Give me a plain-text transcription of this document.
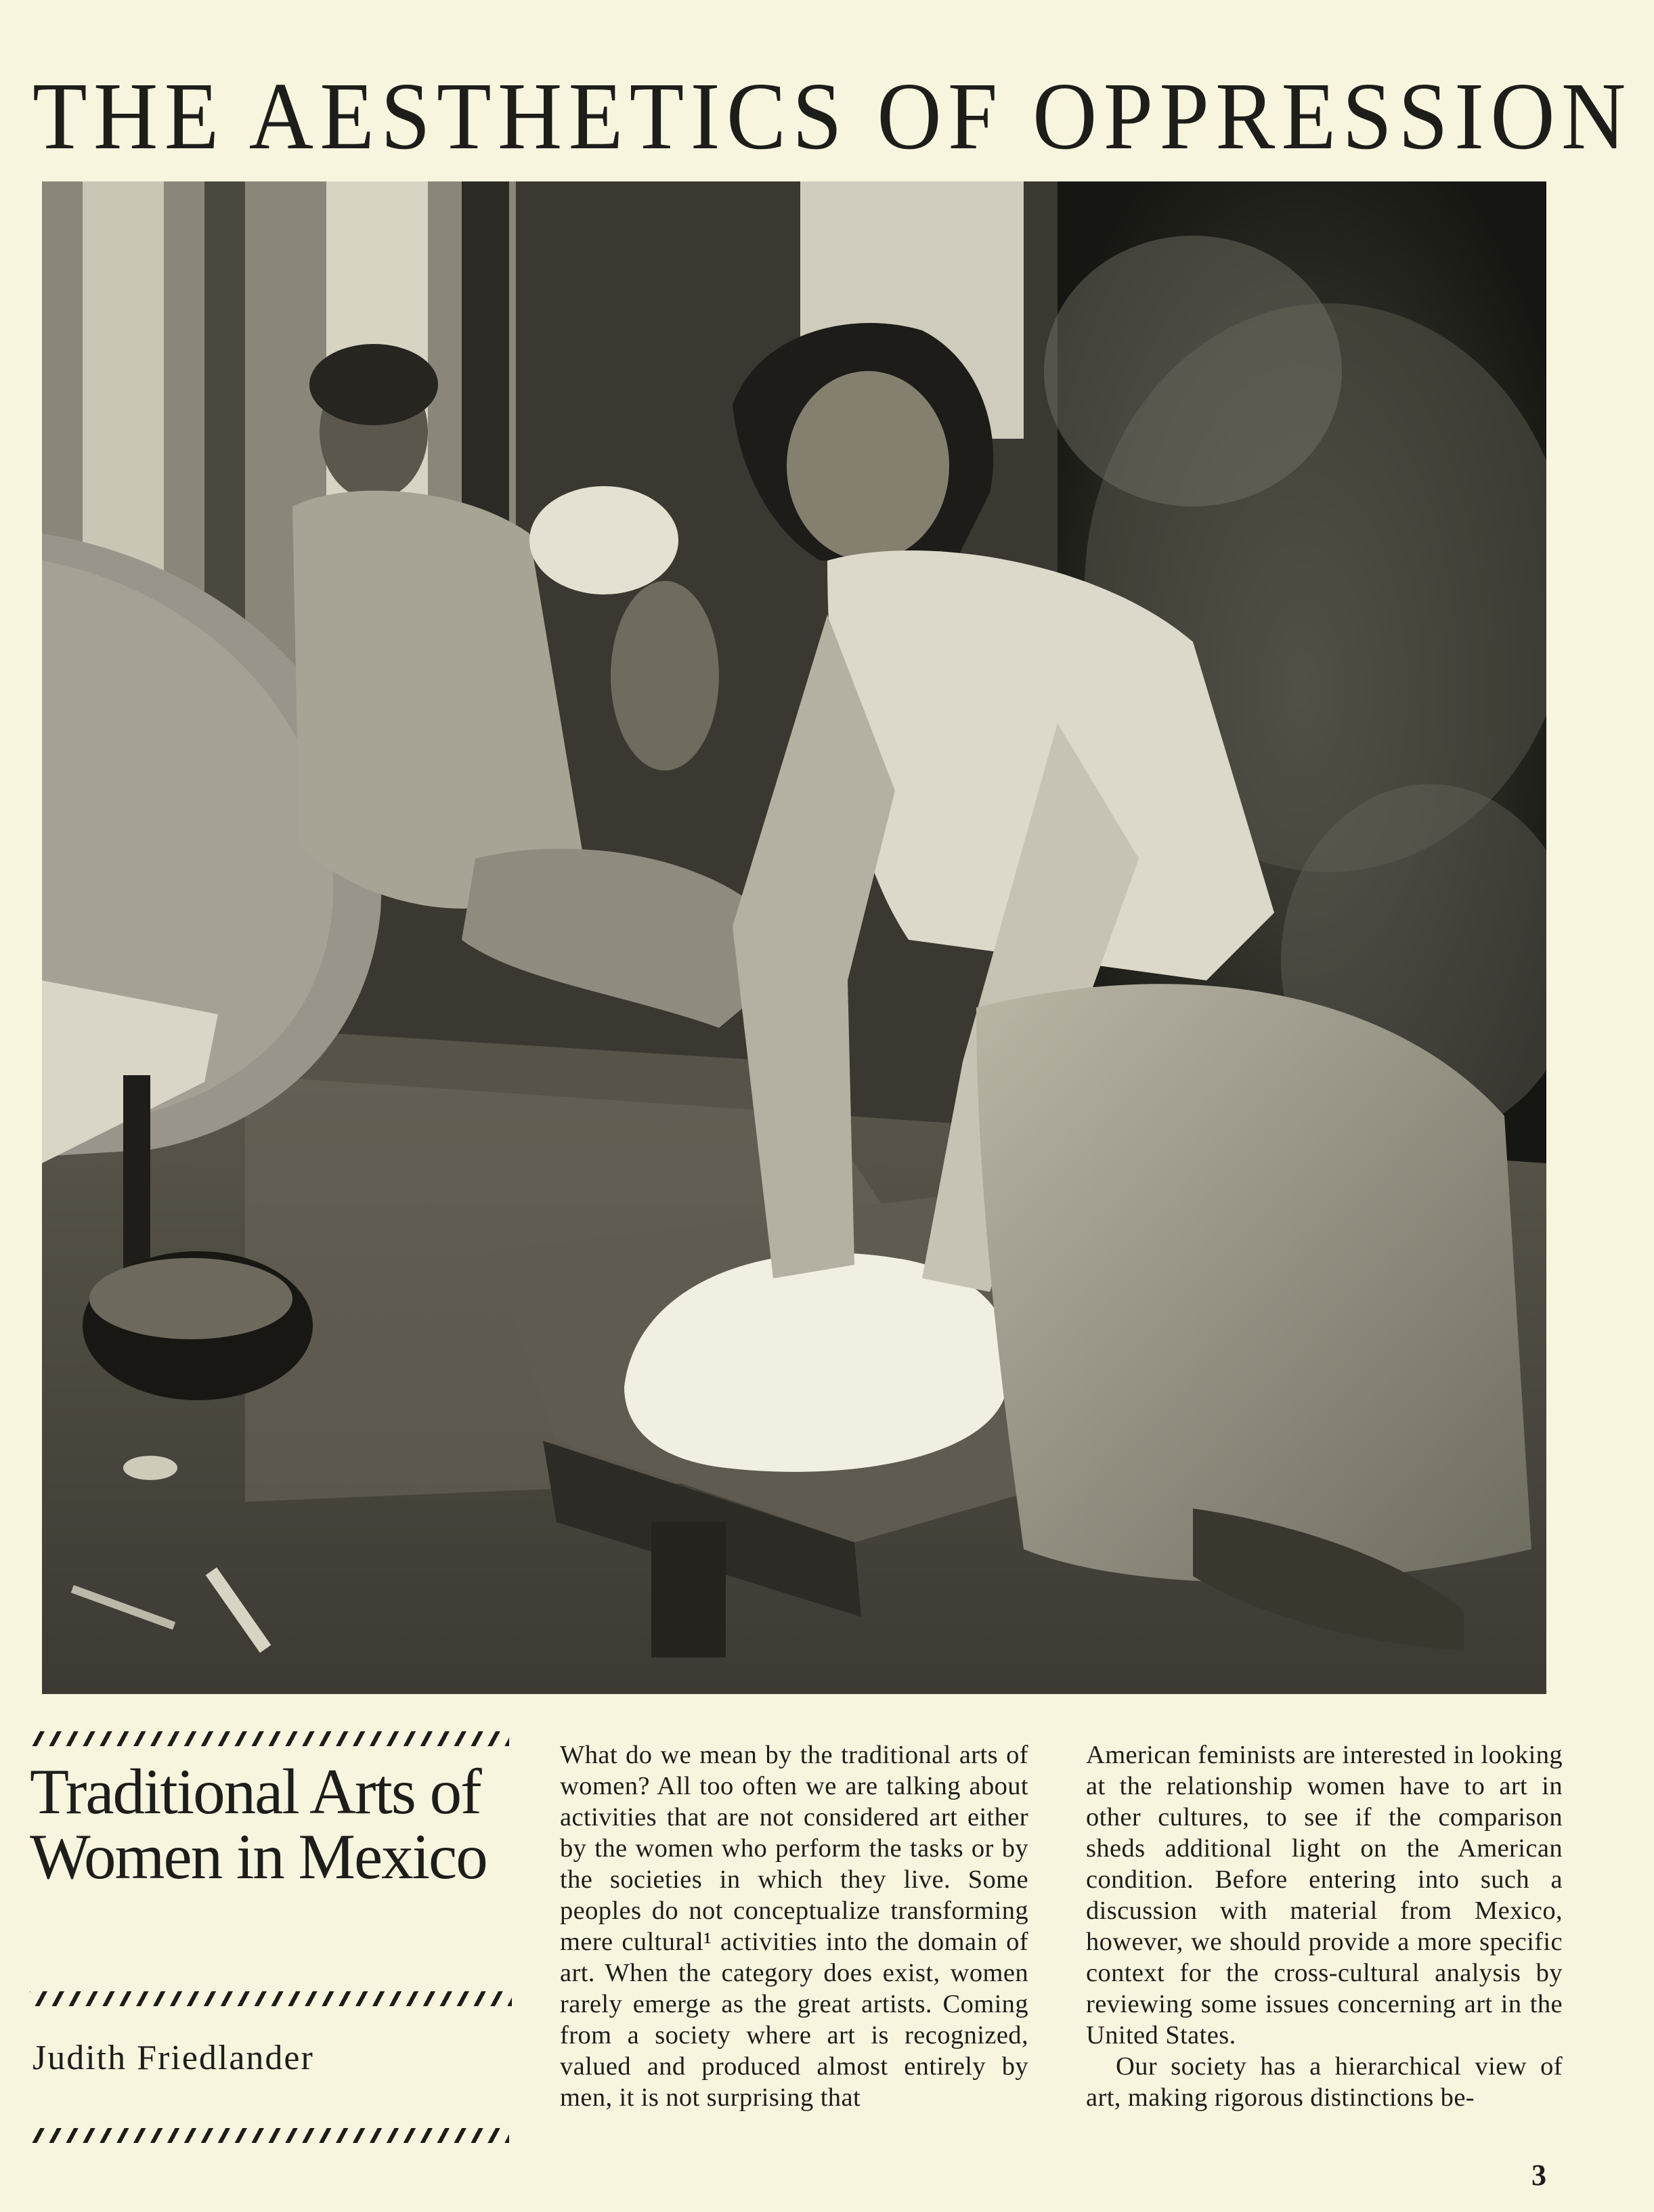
THE AESTHETICS OF OPPRESSION
Traditional Arts of Women in Mexico
Judith Friedlander

What do we mean by the traditional arts of women? All too often we are talking about activities that are not considered art either by the women who perform the tasks or by the societies in which they live. Some peoples do not conceptualize transforming mere cultural¹ activities into the domain of art. When the category does exist, women rarely emerge as the great artists. Coming from a society where art is recognized, valued and produced almost entirely by men, it is not surprising that

American feminists are interested in looking at the relationship women have to art in other cultures, to see if the comparison sheds additional light on the American condition. Before entering into such a discussion with material from Mexico, however, we should provide a more specific context for the cross-cultural analysis by reviewing some issues concerning art in the United States.

Our society has a hierarchical view of art, making rigorous distinctions be-

3
